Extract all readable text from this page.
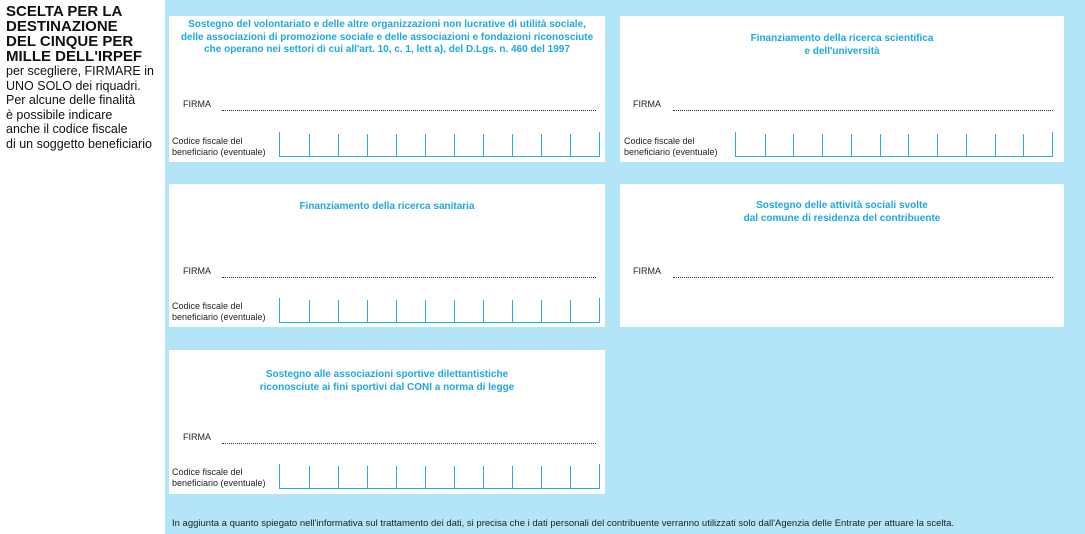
SCELTA PER LA
DESTINAZIONE
DEL CINQUE PER
MILLE DELL'IRPEF
per scegliere, FIRMARE in
UNO SOLO dei riquadri.
Per alcune delle finalità
è possibile indicare
anche il codice fiscale
di un soggetto beneficiario
Sostegno del volontariato e delle altre organizzazioni non lucrative di utilità sociale,
delle associazioni di promozione sociale e delle associazioni e fondazioni riconosciute
che operano nei settori di cui all'art. 10, c. 1, lett a), del D.Lgs. n. 460 del 1997
FIRMA
Codice fiscale del
beneficiario (eventuale)
Finanziamento della ricerca scientifica
e dell'università
FIRMA
Codice fiscale del
beneficiario (eventuale)
Finanziamento della ricerca sanitaria
FIRMA
Codice fiscale del
beneficiario (eventuale)
Sostegno delle attività sociali svolte
dal comune di residenza del contribuente
FIRMA
Sostegno alle associazioni sportive dilettantistiche
riconosciute ai fini sportivi dal CONI a norma di legge
FIRMA
Codice fiscale del
beneficiario (eventuale)
In aggiunta a quanto spiegato nell'informativa sul trattamento dei dati, si precisa che i dati personali del contribuente verranno utilizzati solo dall'Agenzia delle Entrate per attuare la scelta.
